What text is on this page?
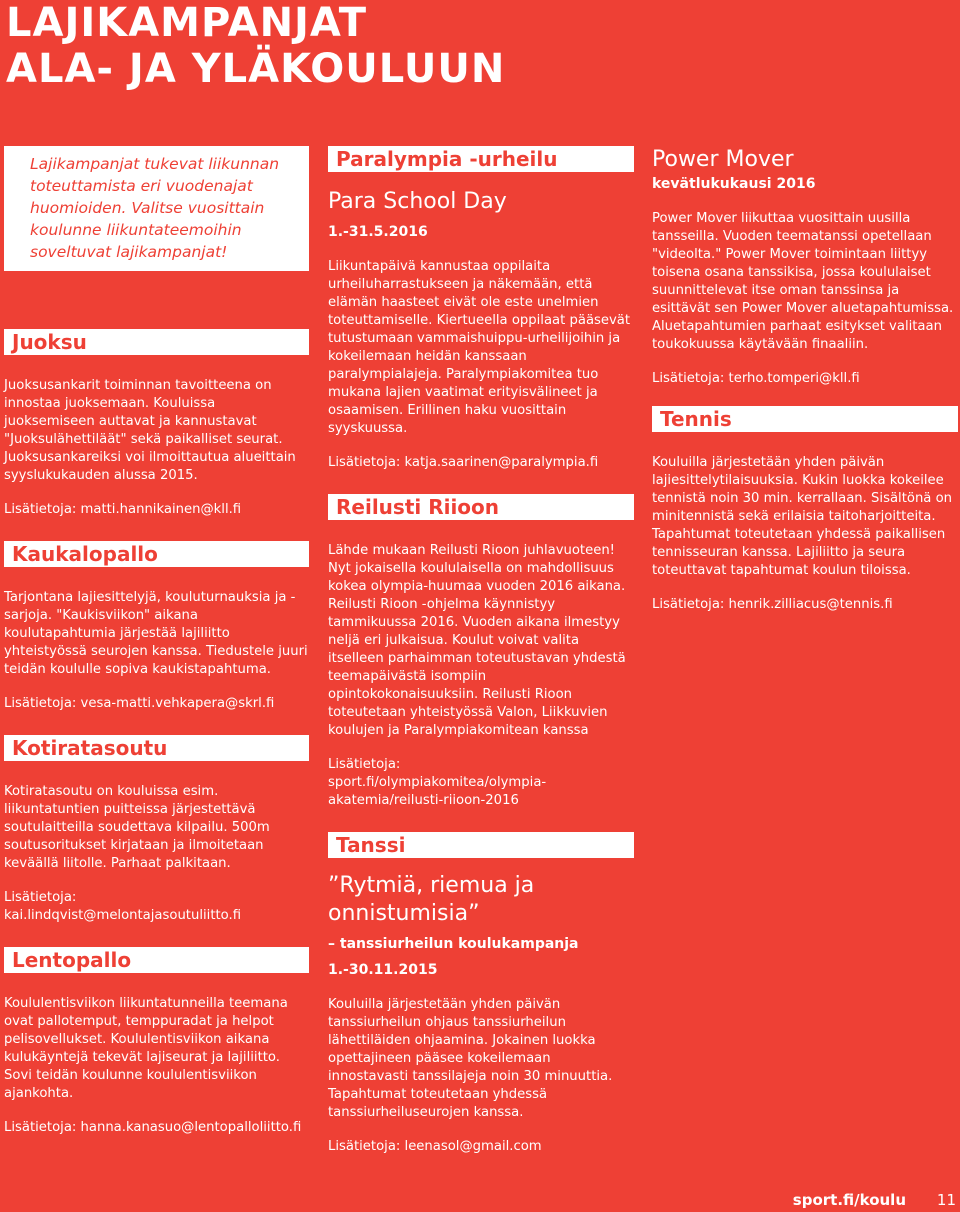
LAJIKAMPANJAT
ALA- JA YLÄKOULUUN

Lajikampanjat tukevat liikunnan toteuttamista eri vuodenajat huomioiden. Valitse vuosittain koulunne liikuntateemoihin soveltuvat lajikampanjat!

Juoksu

Juoksusankarit toiminnan tavoitteena on innostaa juoksemaan. Kouluissa juoksemiseen auttavat ja kannustavat "Juoksulähettiläät" sekä paikalliset seurat. Juoksusankareiksi voi ilmoittautua alueittain syyslukukauden alussa 2015.

Lisätietoja: matti.hannikainen@kll.fi

Kaukalopallo

Tarjontana lajiesittelyjä, kouluturnauksia ja -sarjoja. "Kaukisviikon" aikana koulutapahtumia järjestää lajiliitto yhteistyössä seurojen kanssa. Tiedustele juuri teidän koululle sopiva kaukistapahtuma.

Lisätietoja: vesa-matti.vehkapera@skrl.fi

Kotiratasoutu

Kotiratasoutu on kouluissa esim. liikuntatuntien puitteissa järjestettävä soutulaitteilla soudettava kilpailu. 500m soutusoritukset kirjataan ja ilmoitetaan keväällä liitolle. Parhaat palkitaan.

Lisätietoja:

kai.lindqvist@melontajasoutuliitto.fi

Lentopallo

Koululentisviikon liikuntatunneilla teemana ovat pallotemput, temppuradat ja helpot pelisovellukset. Koululentisviikon aikana kulukäyntejä tekevät lajiseurat ja lajiliitto. Sovi teidän koulunne koululentisviikon ajankohta.

Lisätietoja: hanna.kanasuo@lentopalloliitto.fi

Paralympia -urheilu

Para School Day

1.-31.5.2016

Liikuntapäivä kannustaa oppilaita urheiluharrastukseen ja näkemään, että elämän haasteet eivät ole este unelmien toteuttamiselle. Kiertueella oppilaat pääsevät tutustumaan vammaishuippu-urheilijoihin ja kokeilemaan heidän kanssaan paralympialajeja. Paralympiakomitea tuo mukana lajien vaatimat erityisvälineet ja osaamisen. Erillinen haku vuosittain syyskuussa.

Lisätietoja: katja.saarinen@paralympia.fi

Reilusti Riioon

Lähde mukaan Reilusti Rioon juhlavuoteen! Nyt jokaisella koululaisella on mahdollisuus kokea olympia-huumaa vuoden 2016 aikana. Reilusti Rioon -ohjelma käynnistyy tammikuussa 2016. Vuoden aikana ilmestyy neljä eri julkaisua. Koulut voivat valita itselleen parhaimman toteutustavan yhdestä teemapäivästä isompiin opintokokonaisuuksiin. Reilusti Rioon toteutetaan yhteistyössä Valon, Liikkuvien koulujen ja Paralympiakomitean kanssa

Lisätietoja:

sport.fi/olympiakomitea/olympia-akatemia/reilusti-riioon-2016

Tanssi

”Rytmiä, riemua ja onnistumisia”

– tanssiurheilun koulukampanja

1.-30.11.2015

Kouluilla järjestetään yhden päivän tanssiurheilun ohjaus tanssiurheilun lähettiläiden ohjaamina. Jokainen luokka opettajineen pääsee kokeilemaan innostavasti tanssilajeja noin 30 minuuttia. Tapahtumat toteutetaan yhdessä tanssiurheiluseurojen kanssa.

Lisätietoja: leenasol@gmail.com

Power Mover

kevätlukukausi 2016

Power Mover liikuttaa vuosittain uusilla tansseilla. Vuoden teematanssi opetellaan "videolta." Power Mover toimintaan liittyy toisena osana tanssikisa, jossa koululaiset suunnittelevat itse oman tanssinsa ja esittävät sen Power Mover aluetapahtumissa. Aluetapahtumien parhaat esitykset valitaan toukokuussa käytävään finaaliin.

Lisätietoja: terho.tomperi@kll.fi

Tennis

Kouluilla järjestetään yhden päivän lajiesittelytilaisuuksia. Kukin luokka kokeilee tennistä noin 30 min. kerrallaan. Sisältönä on minitennistä sekä erilaisia taitoharjoitteita. Tapahtumat toteutetaan yhdessä paikallisen tennisseuran kanssa. Lajiliitto ja seura toteuttavat tapahtumat koulun tiloissa.

Lisätietoja: henrik.zilliacus@tennis.fi

sport.fi/koulu 11
